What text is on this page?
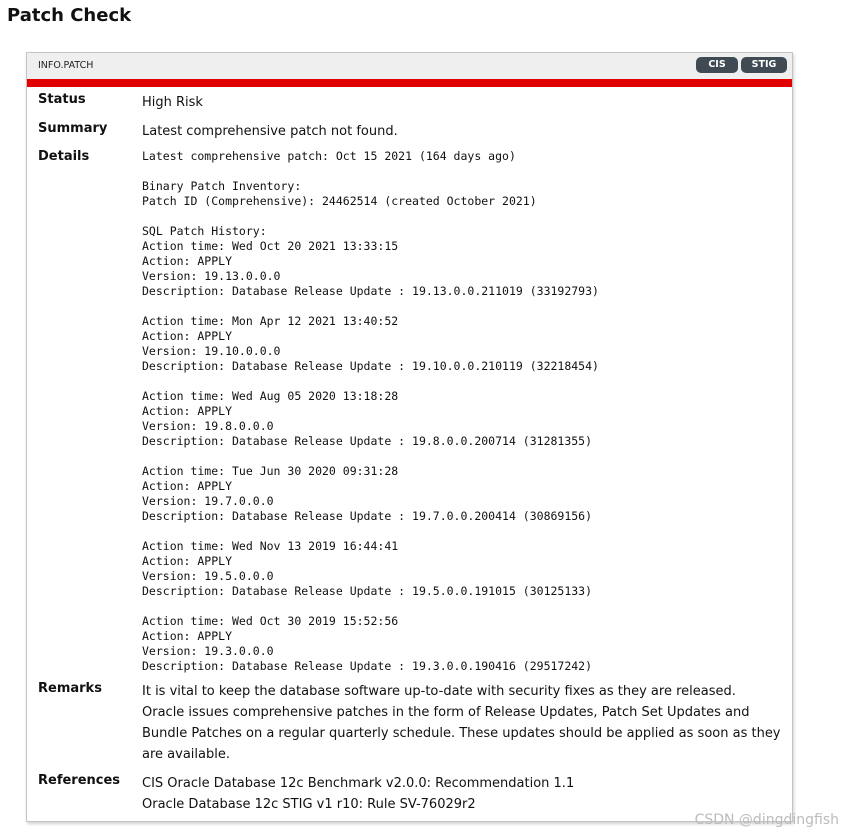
Patch Check
INFO.PATCH	CIS	STIG
Status	High Risk
Summary	Latest comprehensive patch not found.
Details	Latest comprehensive patch: Oct 15 2021 (164 days ago)
Binary Patch Inventory:
Patch ID (Comprehensive): 24462514 (created October 2021)
SQL Patch History:
Action time: Wed Oct 20 2021 13:33:15
Action: APPLY
Version: 19.13.0.0.0
Description: Database Release Update : 19.13.0.0.211019 (33192793)
Action time: Mon Apr 12 2021 13:40:52
Action: APPLY
Version: 19.10.0.0.0
Description: Database Release Update : 19.10.0.0.210119 (32218454)
Action time: Wed Aug 05 2020 13:18:28
Action: APPLY
Version: 19.8.0.0.0
Description: Database Release Update : 19.8.0.0.200714 (31281355)
Action time: Tue Jun 30 2020 09:31:28
Action: APPLY
Version: 19.7.0.0.0
Description: Database Release Update : 19.7.0.0.200414 (30869156)
Action time: Wed Nov 13 2019 16:44:41
Action: APPLY
Version: 19.5.0.0.0
Description: Database Release Update : 19.5.0.0.191015 (30125133)
Action time: Wed Oct 30 2019 15:52:56
Action: APPLY
Version: 19.3.0.0.0
Description: Database Release Update : 19.3.0.0.190416 (29517242)
Remarks	It is vital to keep the database software up-to-date with security fixes as they are released.
Oracle issues comprehensive patches in the form of Release Updates, Patch Set Updates and
Bundle Patches on a regular quarterly schedule. These updates should be applied as soon as they
are available.
References CIS Oracle Database 12c Benchmark v2.0.0: Recommendation 1.1
Oracle Database 12c STIG v1 r10: Rule SV-76029r2
CSDN @dingdingfish
